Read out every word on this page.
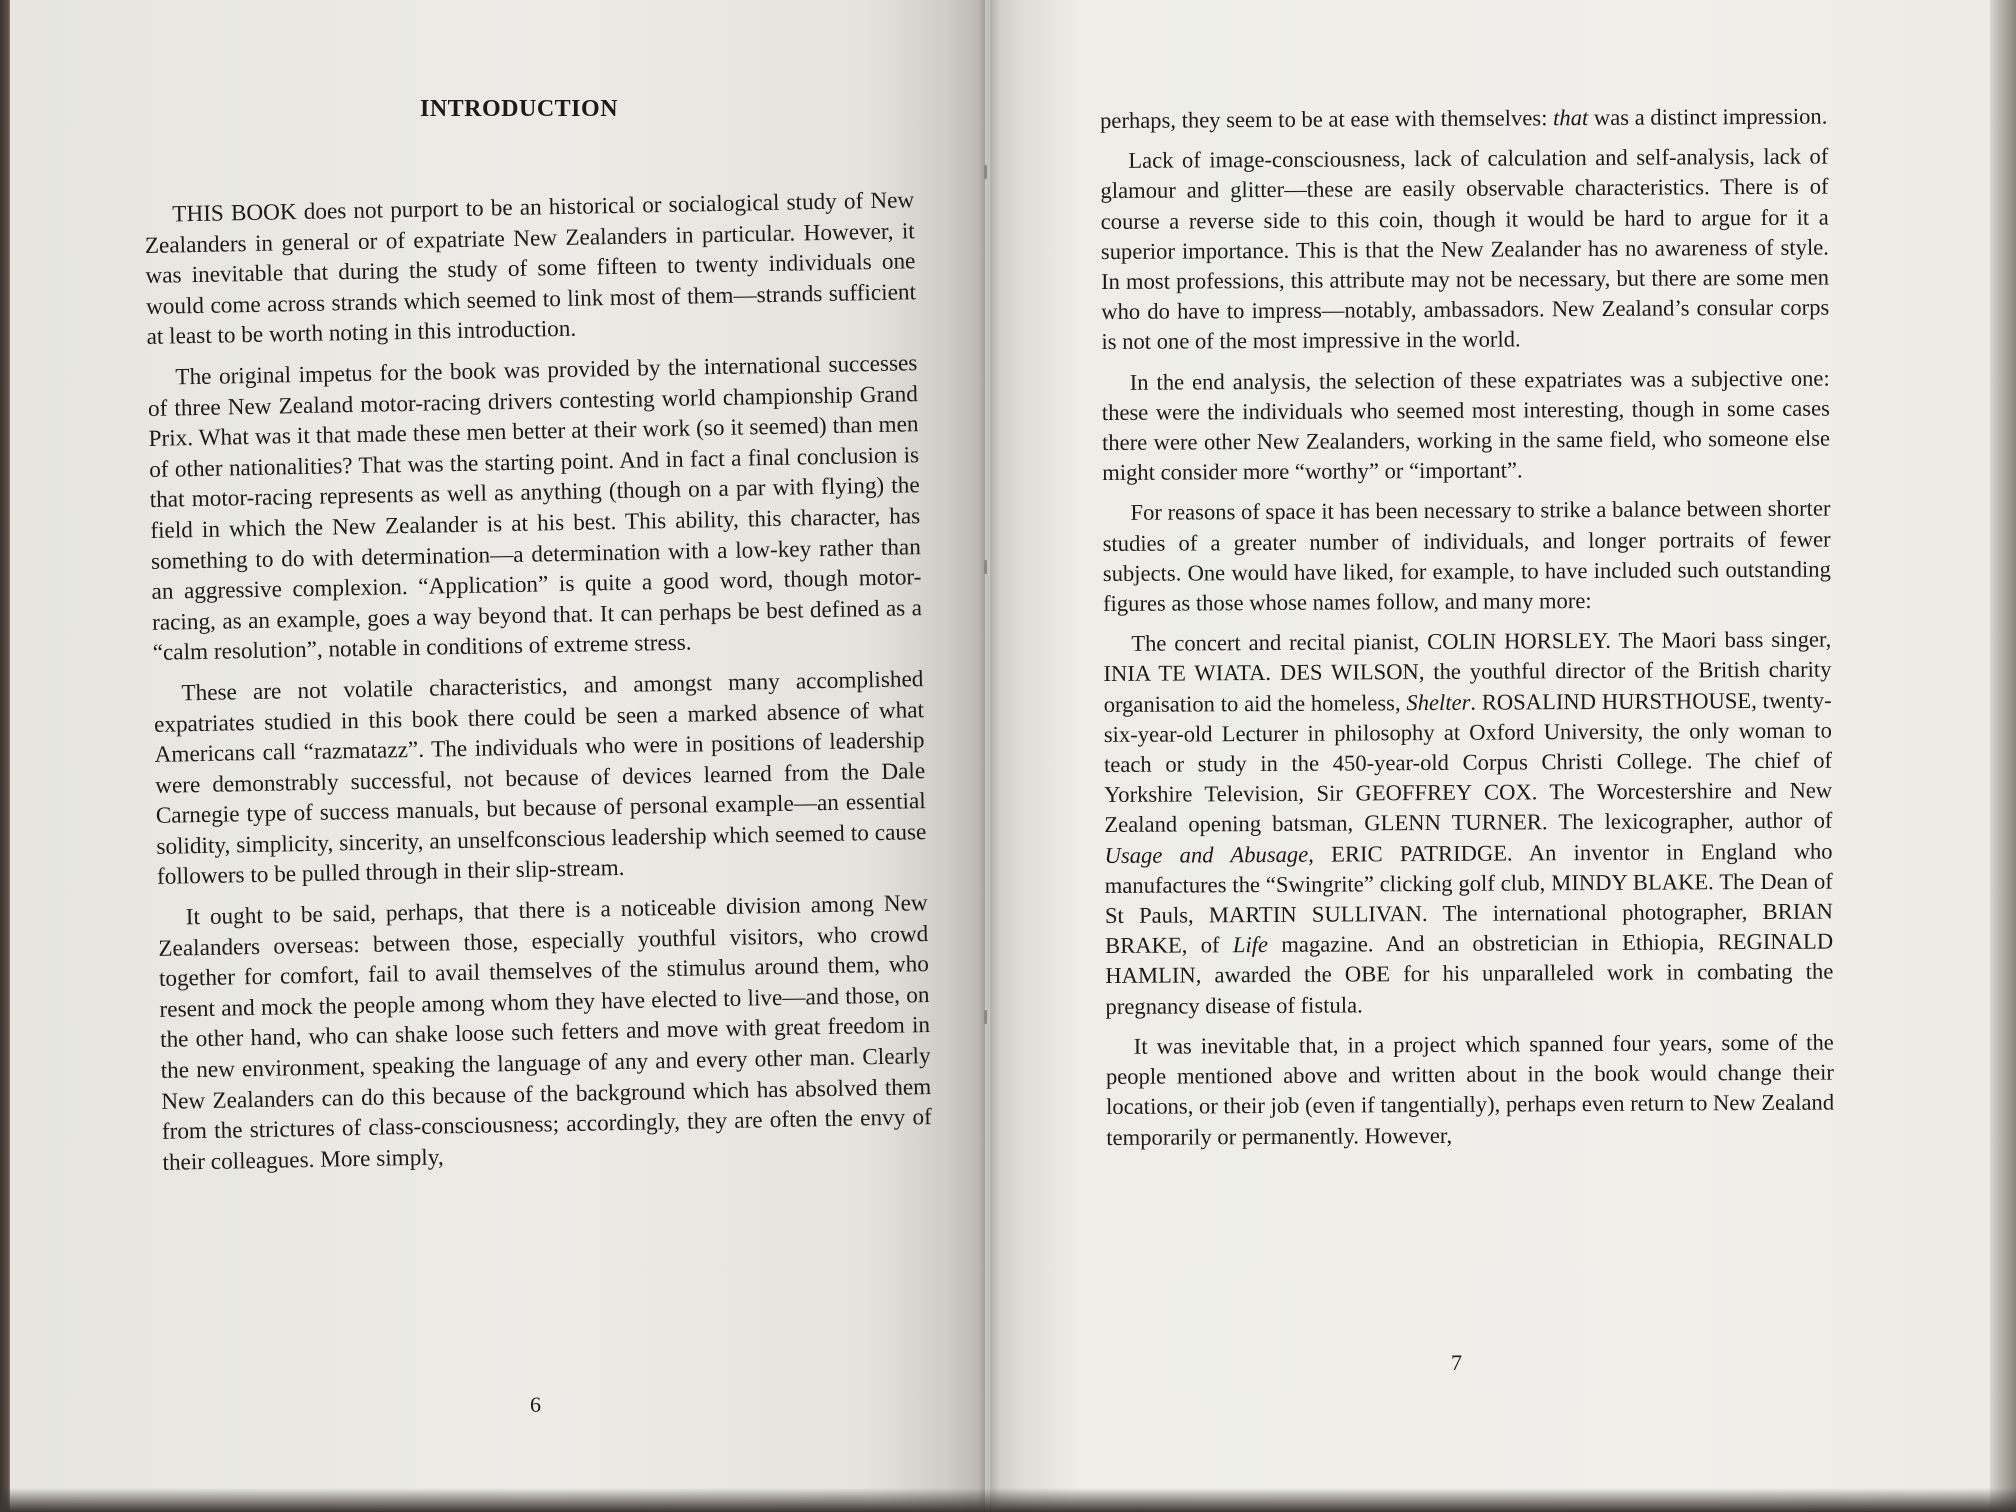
INTRODUCTION

THIS BOOK does not purport to be an historical or socialogical study of New Zealanders in general or of expatriate New Zealanders in particular. However, it was inevitable that during the study of some fifteen to twenty individuals one would come across strands which seemed to link most of them—strands sufficient at least to be worth noting in this introduction.

The original impetus for the book was provided by the international successes of three New Zealand motor-racing drivers contesting world championship Grand Prix. What was it that made these men better at their work (so it seemed) than men of other nationalities? That was the starting point. And in fact a final conclusion is that motor-racing represents as well as anything (though on a par with flying) the field in which the New Zealander is at his best. This ability, this character, has something to do with determination—a determination with a low-key rather than an aggressive complexion. “Application” is quite a good word, though motor-racing, as an example, goes a way beyond that. It can perhaps be best defined as a “calm resolution”, notable in conditions of extreme stress.

These are not volatile characteristics, and amongst many accomplished expatriates studied in this book there could be seen a marked absence of what Americans call “razmatazz”. The individuals who were in positions of leadership were demonstrably successful, not because of devices learned from the Dale Carnegie type of success manuals, but because of personal example—an essential solidity, simplicity, sincerity, an unselfconscious leadership which seemed to cause followers to be pulled through in their slip-stream.

It ought to be said, perhaps, that there is a noticeable division among New Zealanders overseas: between those, especially youthful visitors, who crowd together for comfort, fail to avail themselves of the stimulus around them, who resent and mock the people among whom they have elected to live—and those, on the other hand, who can shake loose such fetters and move with great freedom in the new environment, speaking the language of any and every other man. Clearly New Zealanders can do this because of the background which has absolved them from the strictures of class-consciousness; accordingly, they are often the envy of their colleagues. More simply,

6

perhaps, they seem to be at ease with themselves: that was a distinct impression.

Lack of image-consciousness, lack of calculation and self-analysis, lack of glamour and glitter—these are easily observable characteristics. There is of course a reverse side to this coin, though it would be hard to argue for it a superior importance. This is that the New Zealander has no awareness of style. In most professions, this attribute may not be necessary, but there are some men who do have to impress—notably, ambassadors. New Zealand’s consular corps is not one of the most impressive in the world.

In the end analysis, the selection of these expatriates was a subjective one: these were the individuals who seemed most interesting, though in some cases there were other New Zealanders, working in the same field, who someone else might consider more “worthy” or “important”.

For reasons of space it has been necessary to strike a balance between shorter studies of a greater number of individuals, and longer portraits of fewer subjects. One would have liked, for example, to have included such outstanding figures as those whose names follow, and many more:

The concert and recital pianist, COLIN HORSLEY. The Maori bass singer, INIA TE WIATA. DES WILSON, the youthful director of the British charity organisation to aid the homeless, Shelter. ROSALIND HURSTHOUSE, twenty-six-year-old Lecturer in philosophy at Oxford University, the only woman to teach or study in the 450-year-old Corpus Christi College. The chief of Yorkshire Television, Sir GEOFFREY COX. The Worcestershire and New Zealand opening batsman, GLENN TURNER. The lexicographer, author of Usage and Abusage, ERIC PATRIDGE. An inventor in England who manufactures the “Swingrite” clicking golf club, MINDY BLAKE. The Dean of St Pauls, MARTIN SULLIVAN. The international photographer, BRIAN BRAKE, of Life magazine. And an obstretician in Ethiopia, REGINALD HAMLIN, awarded the OBE for his unparalleled work in combating the pregnancy disease of fistula.

It was inevitable that, in a project which spanned four years, some of the people mentioned above and written about in the book would change their locations, or their job (even if tangentially), perhaps even return to New Zealand temporarily or permanently. However,

7
